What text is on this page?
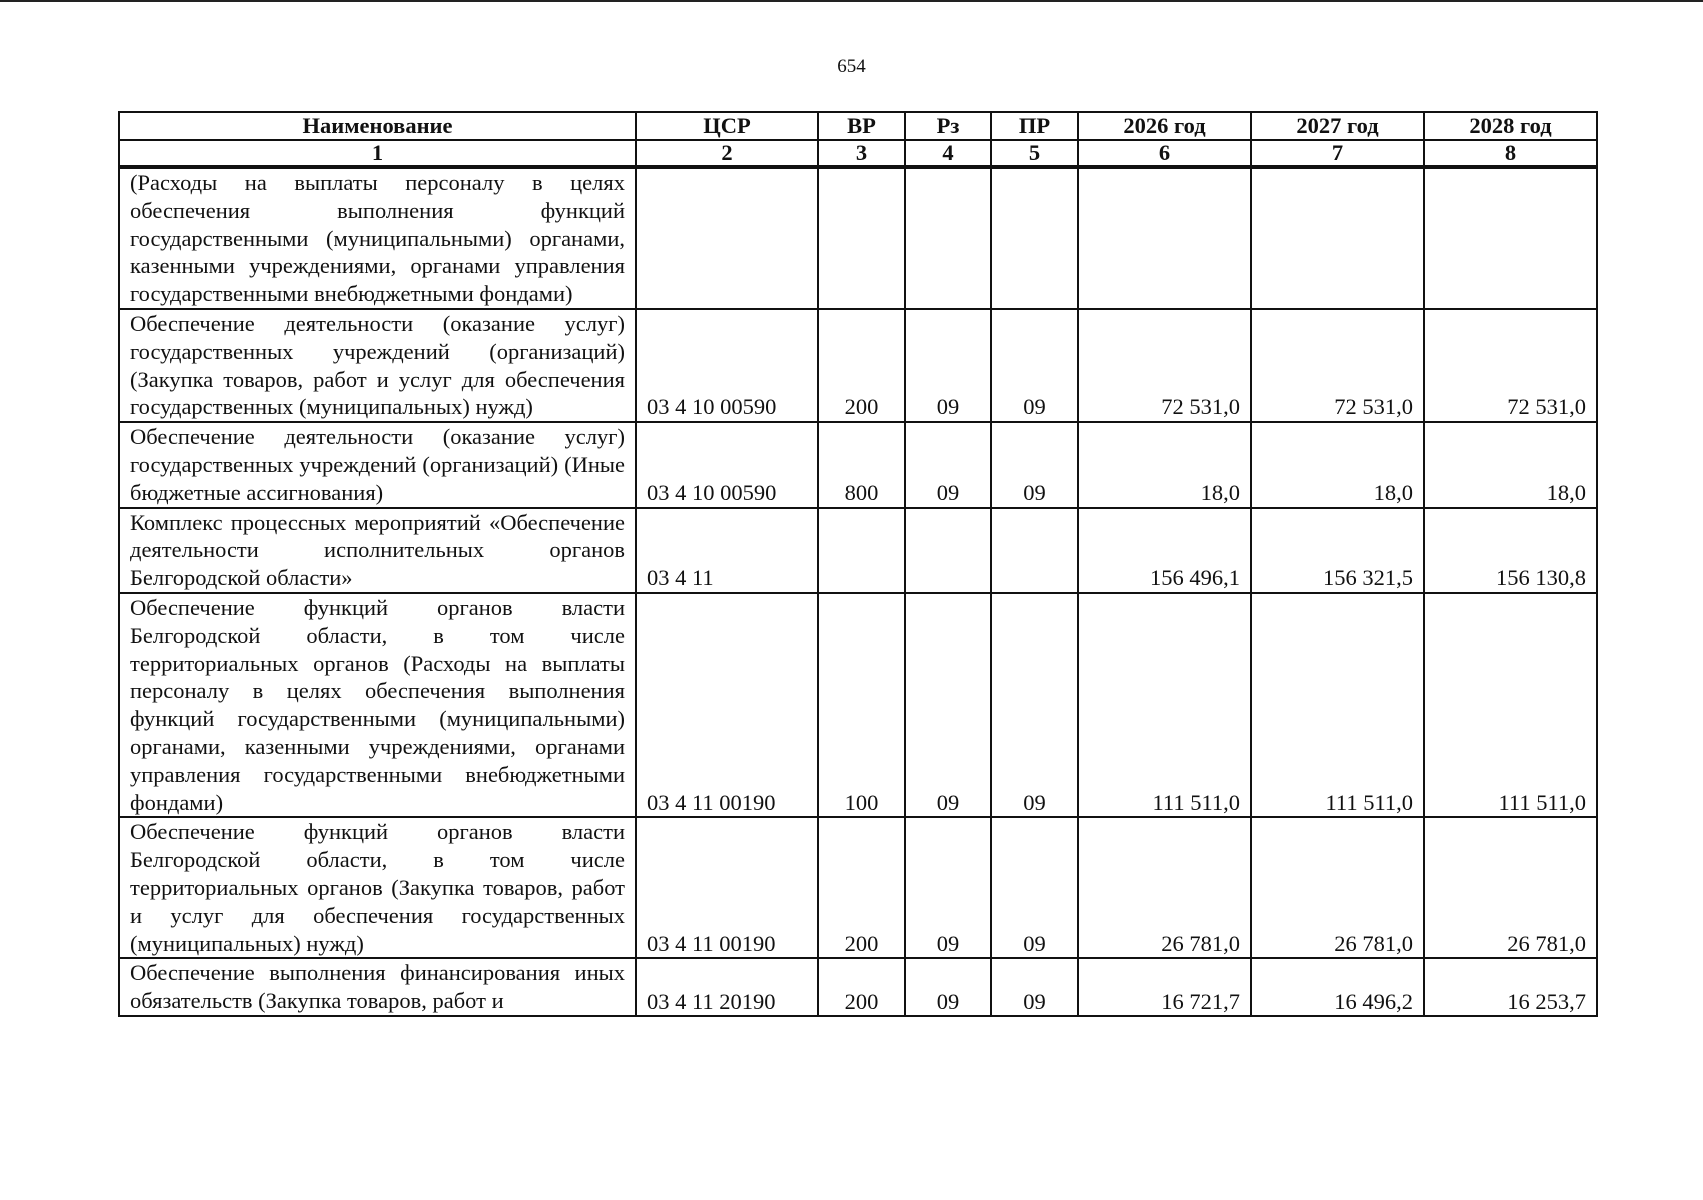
654
Наименование	ЦСР	ВР	Рз	ПР	2026 год	2027 год	2028 год
1	2	3	4	5	6	7	8
(Расходы на выплаты персоналу в целях обеспечения выполнения функций государственными (муниципальными) органами, казенными учреждениями, органами управления государственными внебюджетными фондами)							
Обеспечение деятельности (оказание услуг) государственных учреждений (организаций) (Закупка товаров, работ и услуг для обеспечения государственных (муниципальных) нужд)	03 4 10 00590	200	09	09	72 531,0	72 531,0	72 531,0
Обеспечение деятельности (оказание услуг) государственных учреждений (организаций) (Иные бюджетные ассигнования)	03 4 10 00590	800	09	09	18,0	18,0	18,0
Комплекс процессных мероприятий «Обеспечение деятельности исполнительных органов Белгородской области»	03 4 11				156 496,1	156 321,5	156 130,8
Обеспечение функций органов власти Белгородской области, в том числе территориальных органов (Расходы на выплаты персоналу в целях обеспечения выполнения функций государственными (муниципальными) органами, казенными учреждениями, органами управления государственными внебюджетными фондами)	03 4 11 00190	100	09	09	111 511,0	111 511,0	111 511,0
Обеспечение функций органов власти Белгородской области, в том числе территориальных органов (Закупка товаров, работ и услуг для обеспечения государственных (муниципальных) нужд)	03 4 11 00190	200	09	09	26 781,0	26 781,0	26 781,0
Обеспечение выполнения финансирования иных обязательств (Закупка товаров, работ и	03 4 11 20190	200	09	09	16 721,7	16 496,2	16 253,7
